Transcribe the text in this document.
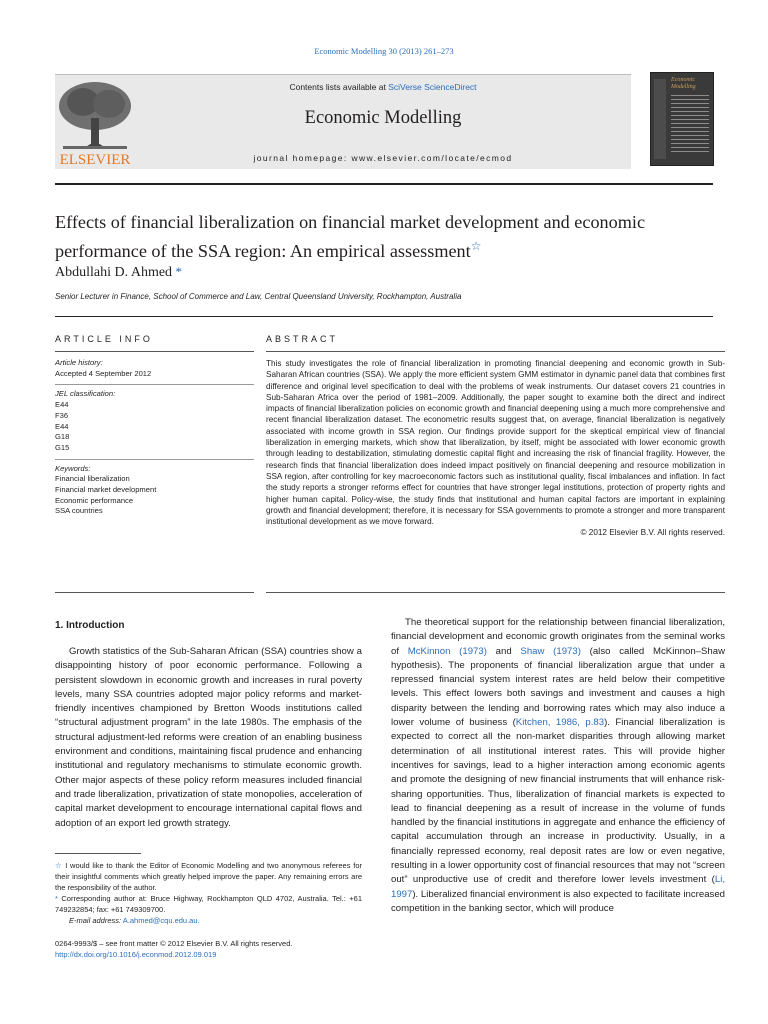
Economic Modelling 30 (2013) 261–273
ELSEVIER
Contents lists available at SciVerse ScienceDirect
Economic Modelling
journal homepage: www.elsevier.com/locate/ecmod
Economic Modelling
Effects of financial liberalization on financial market development and economic performance of the SSA region: An empirical assessment☆
Abdullahi D. Ahmed *
Senior Lecturer in Finance, School of Commerce and Law, Central Queensland University, Rockhampton, Australia
ARTICLE INFO	ABSTRACT
Article history:
Accepted 4 September 2012
JEL classification:
E44
F36
E44
G18
G15
Keywords:
Financial liberalization
Financial market development
Economic performance
SSA countries
This study investigates the role of financial liberalization in promoting financial deepening and economic growth in Sub-Saharan African countries (SSA). We apply the more efficient system GMM estimator in dynamic panel data that combines first difference and original level specification to deal with the problems of weak instruments. Our dataset covers 21 countries in Sub-Saharan Africa over the period of 1981–2009. Additionally, the paper sought to examine both the direct and indirect impacts of financial liberalization policies on economic growth and financial deepening using a much more comprehensive and recent financial liberalization dataset. The econometric results suggest that, on average, financial liberalization is negatively associated with income growth in SSA region. Our findings provide support for the skeptical empirical view of financial liberalization in emerging markets, which show that liberalization, by itself, might be associated with lower economic growth through leading to destabilization, stimulating domestic capital flight and increasing the risk of financial fragility. However, the research finds that financial liberalization does indeed impact positively on financial deepening and resource mobilization in SSA region, after controlling for key macroeconomic factors such as institutional quality, fiscal imbalances and inflation. In fact the study reports a stronger reforms effect for countries that have stronger legal institutions, protection of property rights and higher human capital. Policy-wise, the study finds that institutional and human capital factors are important in explaining growth and financial development; therefore, it is necessary for SSA governments to promote a stronger and more transparent institutional development as we move forward.
© 2012 Elsevier B.V. All rights reserved.
1. Introduction
Growth statistics of the Sub-Saharan African (SSA) countries show a disappointing history of poor economic performance. Following a persistent slowdown in economic growth and increases in rural poverty levels, many SSA countries adopted major policy reforms and market-friendly incentives championed by Bretton Woods institutions called “structural adjustment program” in the late 1980s. The emphasis of the structural adjustment-led reforms were creation of an enabling business environment and conditions, maintaining fiscal prudence and enhancing institutional and regulatory mechanisms to stimulate economic growth. Other major aspects of these policy reform measures included financial and trade liberalization, privatization of state monopolies, acceleration of capital market development to encourage international capital flows and adoption of an export led growth strategy.
The theoretical support for the relationship between financial liberalization, financial development and economic growth originates from the seminal works of McKinnon (1973) and Shaw (1973) (also called McKinnon–Shaw hypothesis). The proponents of financial liberalization argue that under a repressed financial system interest rates are held below their competitive levels. This effect lowers both savings and investment and causes a high disparity between the lending and borrowing rates which may also induce a lower volume of business (Kitchen, 1986, p.83). Financial liberalization is expected to correct all the non-market disparities through allowing market determination of all institutional interest rates. This will provide higher incentives for savings, lead to a higher interaction among economic agents and promote the designing of new financial instruments that will enhance risk-sharing opportunities. Thus, liberalization of financial markets is expected to lead to financial deepening as a result of increase in the volume of funds handled by the financial institutions in aggregate and enhance the efficiency of capital accumulation through an increase in productivity. Usually, in a financially repressed economy, real deposit rates are low or even negative, resulting in a lower opportunity cost of financial resources that may not “screen out” unproductive use of credit and therefore lower levels investment (Li, 1997). Liberalized financial environment is also expected to facilitate increased competition in the banking sector, which will produce
☆ I would like to thank the Editor of Economic Modelling and two anonymous referees for their insightful comments which greatly helped improve the paper. Any remaining errors are the responsibility of the author.
* Corresponding author at: Bruce Highway, Rockhampton QLD 4702, Australia. Tel.: +61 749232854; fax: +61 749309700.
E-mail address: A.ahmed@cqu.edu.au.
0264-9993/$ – see front matter © 2012 Elsevier B.V. All rights reserved.
http://dx.doi.org/10.1016/j.econmod.2012.09.019
